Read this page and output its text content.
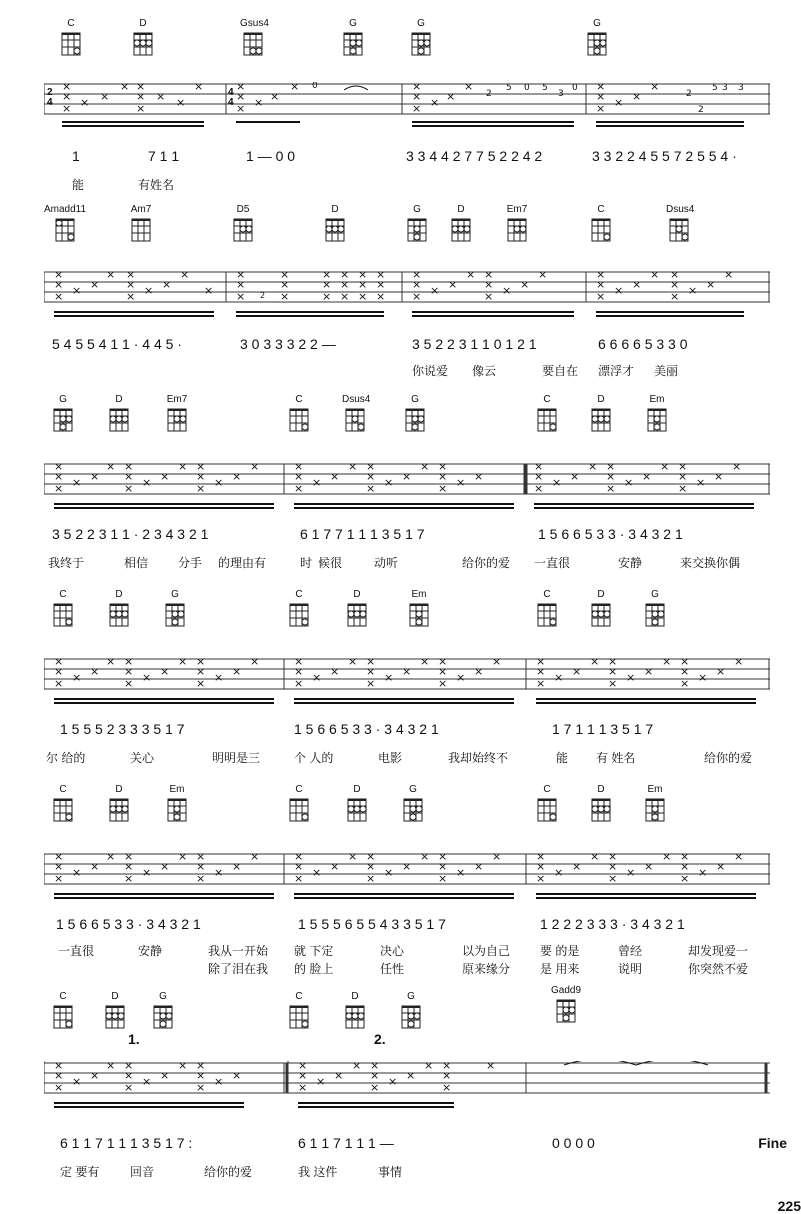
C	D	Gsus4	G	G	G
×
×
× × ×
× ×
×
×
× ×
×	×
×
× × ×
× 0	×
×
× × ×
×
2
5 0 5
3
0 ×
×
× × ×
×
2
5 3 3
2
2
4
4
4
1	7 1 1	1 — 0 0	3 3 4 4 2 7 7 5 2 2 4 2	3 3 2 2 4 5 5 7 2 5 5 4 ·
能	有姓名
Amadd11	Am7	D5	D	G	D	Em7	C	Dsus4
×
×
× × ×
× ×
×
× × ×
×
×
×
×
× 2
×
×
×
×
×
×
×
×
×
×
×
×
×
×
×
×
×
× × ×
× ×
×
× × ×
×	×
×
× × ×
× ×
×
× × ×
×
5 4 5 5 4 1 1 · 4 4 5 ·	3 0 3 3 3 2 2 —	3 5 2 2 3 1 1 0 1 2 1	6 6 6 6 5 3 3 0
你说爱 像云	要自在 漂浮才 美丽
G	D	Em7	C	Dsus4	G	C	D	Em
×
×
× × ×
× ×
×
× × ×
× ×
×
× × ×
×	×
×
× × ×
× ×
×
× × ×
× ×
×
× × ×
×
×
× × ×
× ×
×
× × ×
× ×
×
× × ×
×
3 5 2 2 3 1 1 · 2 3 4 3 2 1	6 1 7 7 1 1 1 3 5 1 7	1 5 6 6 5 3 3 · 3 4 3 2 1
我终于	相信 分手 的理由有	时 候很	动听	给你的爱 一直很	安静	来交换你偶
C	D	G	C	D	Em	C	D	G
×
×
× × ×
× ×
×
× × ×
× ×
×
× × ×
×	×
×
× × ×
× ×
×
× × ×
× ×
×
× × ×
×	×
×
× × ×
× ×
×
× × ×
× ×
×
× × ×
×
1 5 5 5 2 3 3 3 5 1 7	1 5 6 6 5 3 3 · 3 4 3 2 1	1 7 1 1 1 3 5 1 7
尔 给的	关心	明明是三	个 人的	电影	我却始终不	能 有 姓名	给你的爱
C	D	Em	C	D	G	C	D	Em
×
×
× × ×
× ×
×
× × ×
× ×
×
× × ×
×	×
×
× × ×
× ×
×
× × ×
× ×
×
× × ×
×	×
×
× × ×
× ×
×
× × ×
× ×
×
× × ×
×
1 5 6 6 5 3 3 · 3 4 3 2 1	1 5 5 5 6 5 5 4 3 3 5 1 7	1 2 2 2 3 3 3 · 3 4 3 2 1
一直很	安静	我从一开始 就 下定	决心	以为自己 要 的是	曾经	却发现爱一
除了泪在我 的 脸上	任性	原来缘分 是 用来	说明	你突然不爱
C	D	G
1.
C	D	G
2.
Gadd9
×
×
× × ×
× ×
×
× × ×
× ×
×
× × ×
×
×
× × ×
× ×
×
× × ×
× ×
×
×
×
6 1 1 7 1 1 1 3 5 1 7 :	6 1 1 7 1 1 1 —	0 0 0 0
定 要有	回音	给你的爱	我 这件	事情
Fine
225
